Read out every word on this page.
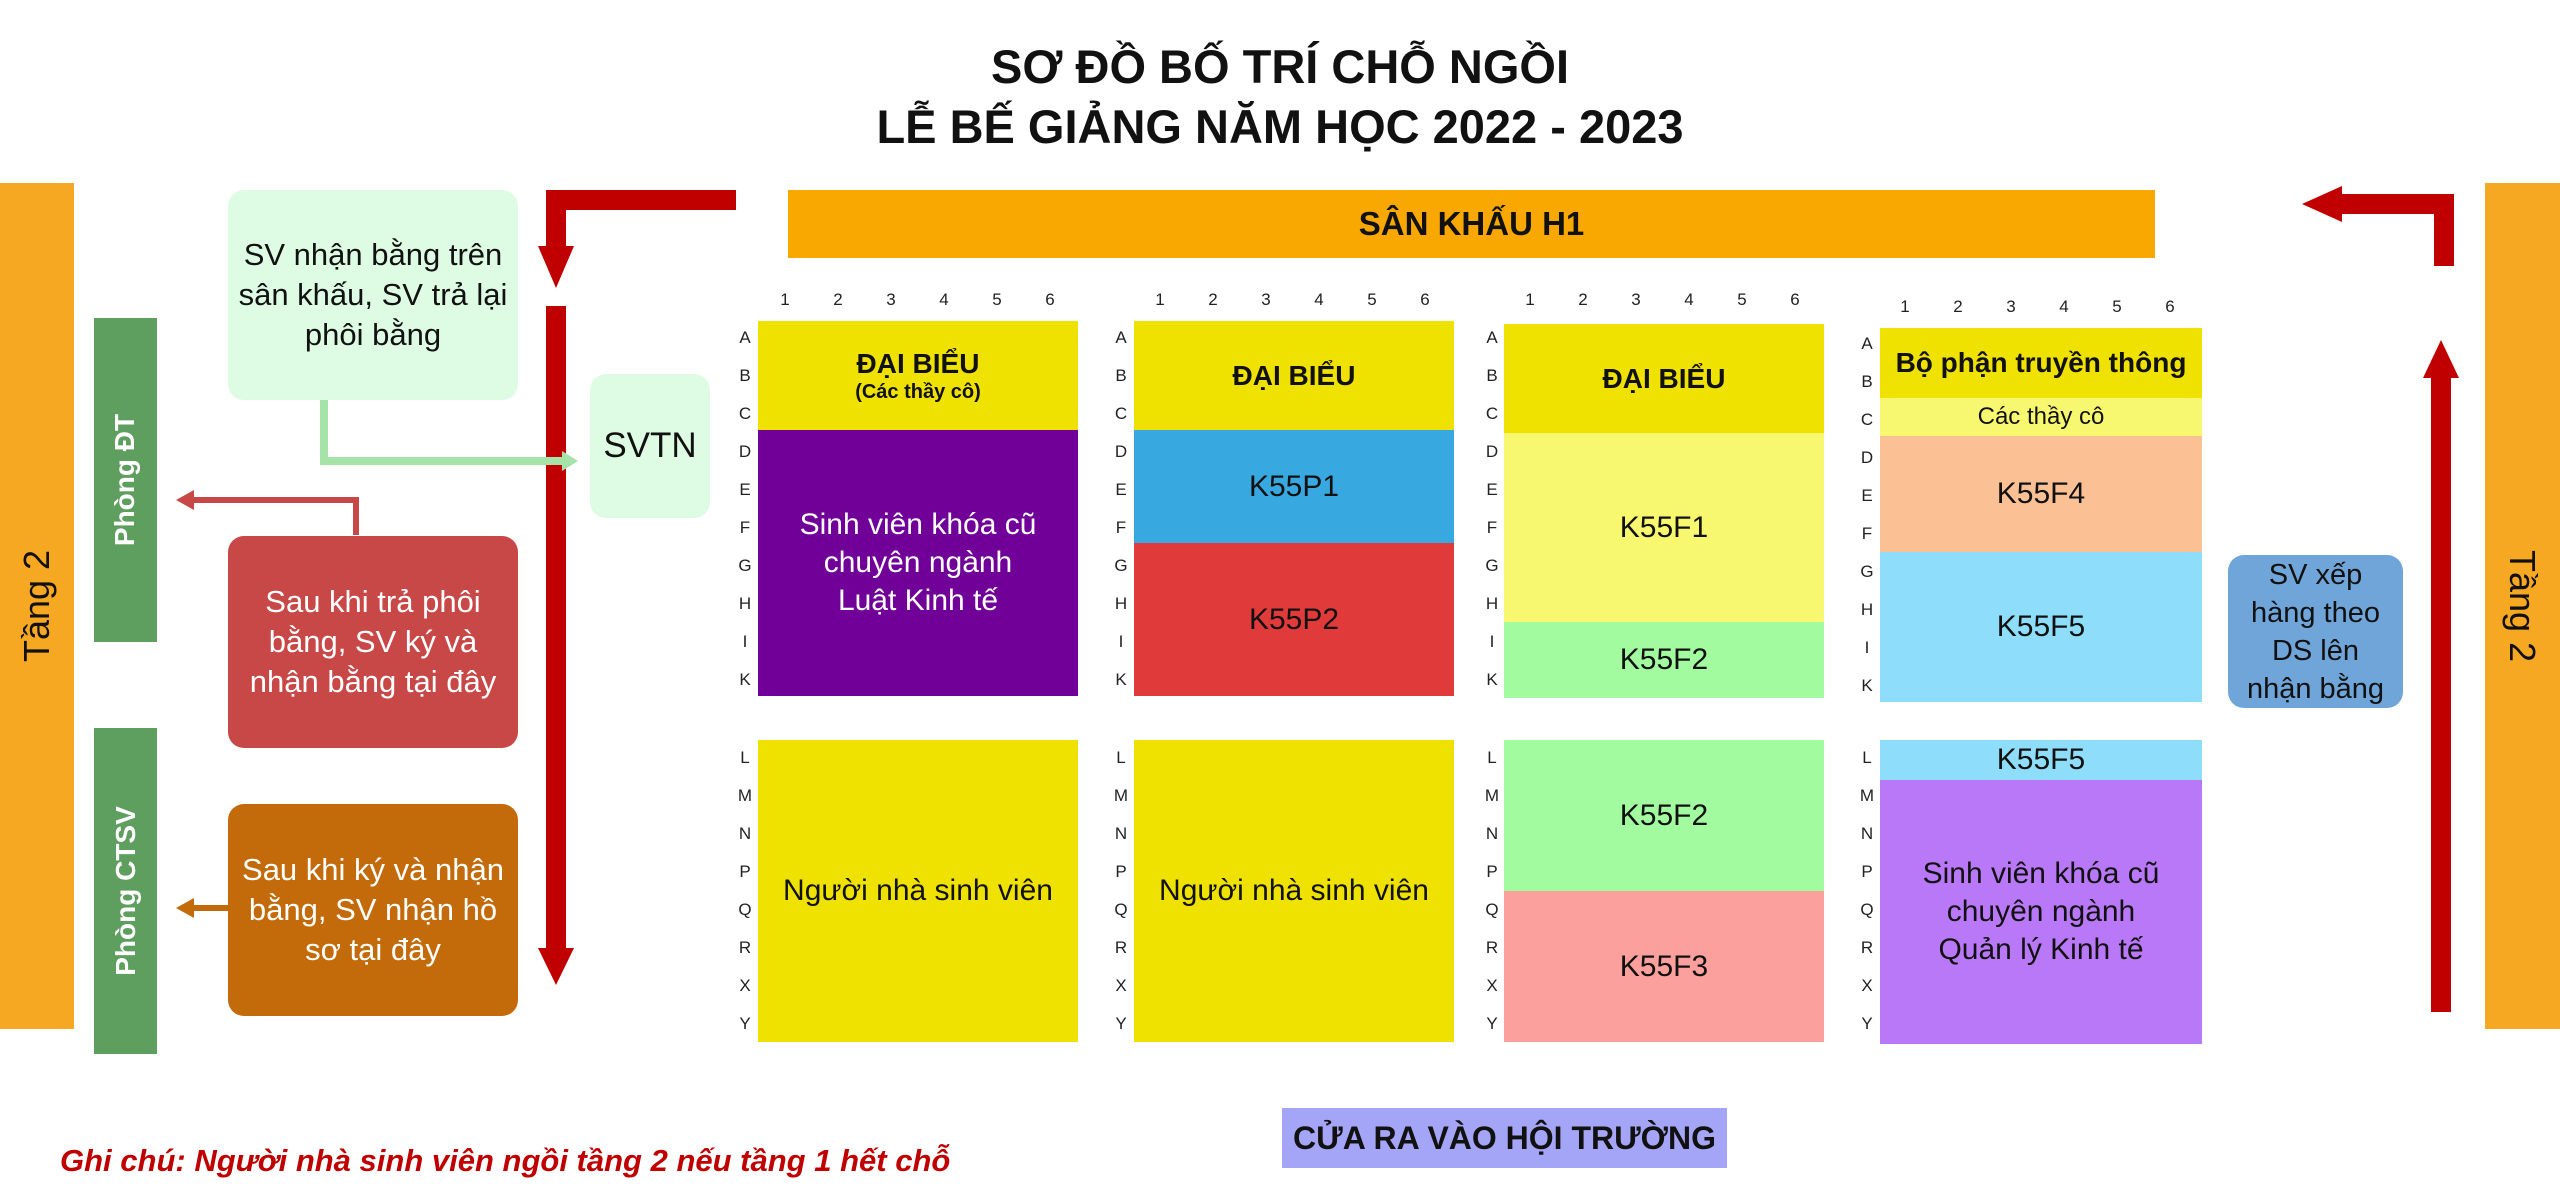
SƠ ĐỒ BỐ TRÍ CHỖ NGỒI
LỄ BẾ GIẢNG NĂM HỌC 2022 - 2023
Tầng 2	Tầng 2
Phòng ĐT
Phòng CTSV
SV nhận bằng trên sân khấu, SV trả lại phôi bằng
SVTN
Sau khi trả phôi bằng, SV ký và nhận bằng tại đây
Sau khi ký và nhận bằng, SV nhận hồ sơ tại đây
SV xếp hàng theo DS lên nhận bằng
SÂN KHẤU H1
1	2	3	4	5	6
A
B
C
D
E
F
G
H
I
K
ĐẠI BIỂU
(Các thầy cô)
Sinh viên khóa cũ chuyên ngành Luật Kinh tế
L
M
N
P
Q
R
X
Y
Người nhà sinh viên
1	2	3	4	5	6
A
B
C
D
E
F
G
H
I
K
ĐẠI BIỂU
K55P1
K55P2
L
M
N
P
Q
R
X
Y
Người nhà sinh viên
1	2	3	4	5	6
A
B
C
D
E
F
G
H
I
K
ĐẠI BIỂU
K55F1
K55F2
L
M
N
P
Q
R
X
Y
K55F2
K55F3
1	2	3	4	5	6
A
B
C
D
E
F
G
H
I
K
Bộ phận truyền thông
Các thầy cô
K55F4
K55F5
L
M
N
P
Q
R
X
Y
K55F5
Sinh viên khóa cũ chuyên ngành Quản lý Kinh tế
CỬA RA VÀO HỘI TRƯỜNG
Ghi chú: Người nhà sinh viên ngồi tầng 2 nếu tầng 1 hết chỗ
